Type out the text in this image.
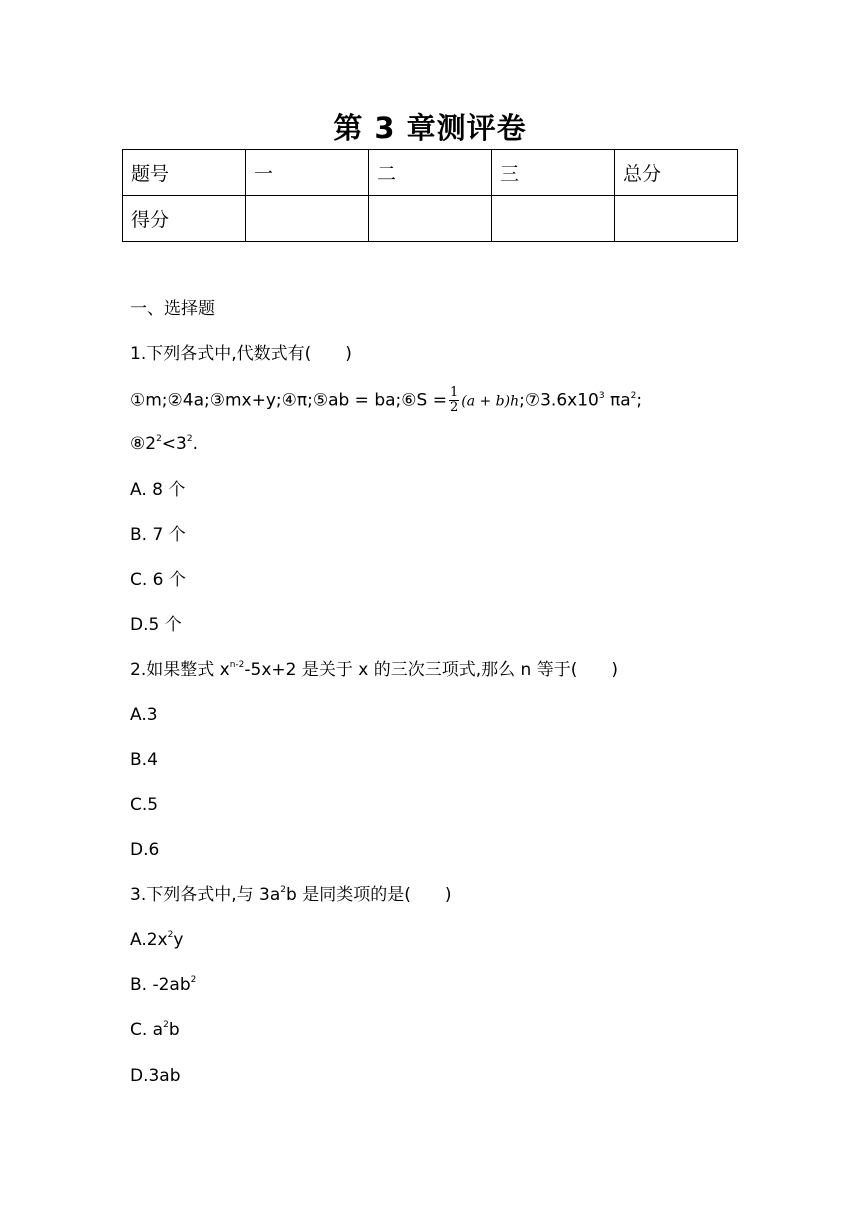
第 3 章测评卷
题号	一	二	三	总分
得分				
一、选择题
1.下列各式中,代数式有(　　)
①m;②4a;③mx+y;④π;⑤ab = ba;⑥S = $\frac{1}{2} (a$ + $b)h;⑦3.6x10^3$ $\pi a^2$;
$⑧2^2<3^2$.
A. 8 个
B. 7 个
C. 6 个
D.5 个
2.如果整式 $x^{n-2}-5x+2$ 是关于 x 的三次三项式,那么 n 等于(　　)
A.3
B.4
C.5
D.6
3.下列各式中,与 $3a^2b$ 是同类项的是(　　)
$A.2x^2y$
B. $-2ab^2$
C. $a^2b$
D.3ab
